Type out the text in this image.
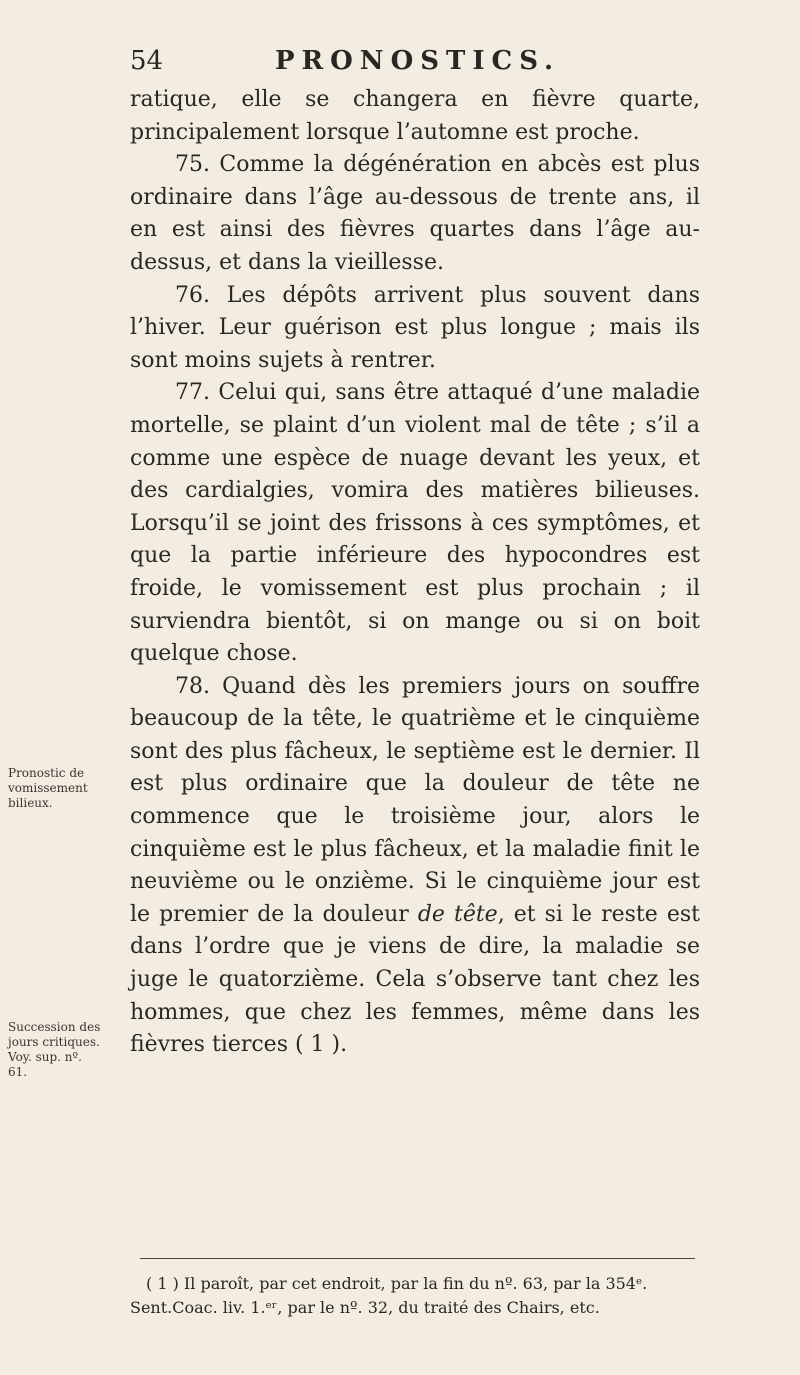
54	PRONOSTICS.
Pronostic de vomissement bilieux.
Succession des jours critiques. Voy. sup. nº. 61.

ratique, elle se changera en fièvre quarte, principalement lorsque l’automne est proche.

75. Comme la dégénération en abcès est plus ordinaire dans l’âge au-dessous de trente ans, il en est ainsi des fièvres quartes dans l’âge au-dessus, et dans la vieillesse.

76. Les dépôts arrivent plus souvent dans l’hiver. Leur guérison est plus longue ; mais ils sont moins sujets à rentrer.

77. Celui qui, sans être attaqué d’une maladie mortelle, se plaint d’un violent mal de tête ; s’il a comme une espèce de nuage devant les yeux, et des cardialgies, vomira des matières bilieuses. Lorsqu’il se joint des frissons à ces symptômes, et que la partie inférieure des hypocondres est froide, le vomissement est plus prochain ; il surviendra bientôt, si on mange ou si on boit quelque chose.

78. Quand dès les premiers jours on souffre beaucoup de la tête, le quatrième et le cinquième sont des plus fâcheux, le septième est le dernier. Il est plus ordinaire que la douleur de tête ne commence que le troisième jour, alors le cinquième est le plus fâcheux, et la maladie finit le neuvième ou le onzième. Si le cinquième jour est le premier de la douleur de tête, et si le reste est dans l’ordre que je viens de dire, la maladie se juge le quatorzième. Cela s’observe tant chez les hommes, que chez les femmes, même dans les fièvres tierces ( 1 ).

( 1 ) Il paroît, par cet endroit, par la fin du nº. 63, par la 354ᵉ. Sent.Coac. liv. 1.ᵉʳ, par le nº. 32, du traité des Chairs, etc.
